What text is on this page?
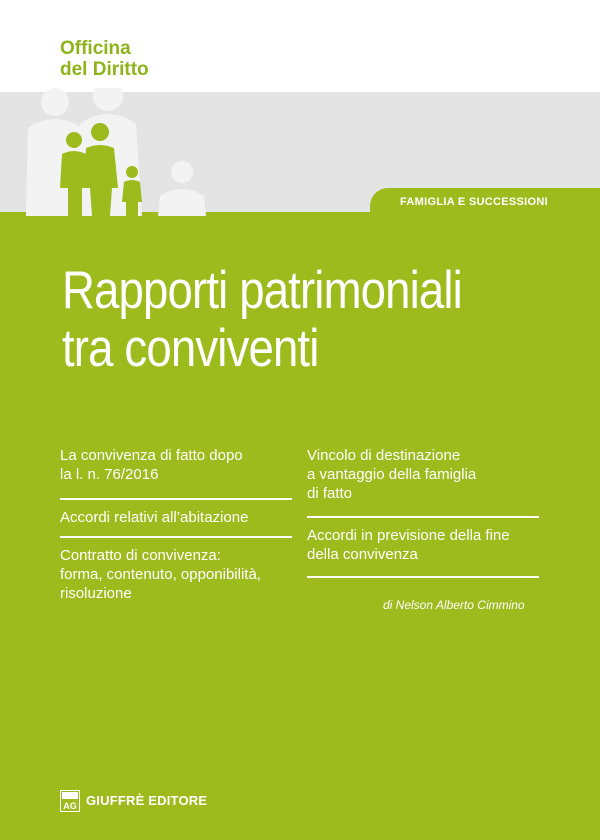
Officina
del Diritto
FAMIGLIA E SUCCESSIONI
Rapporti patrimoniali
tra conviventi
La convivenza di fatto dopo
la l. n. 76/2016
Accordi relativi all’abitazione
Contratto di convivenza:
forma, contenuto, opponibilità,
risoluzione
Vincolo di destinazione
a vantaggio della famiglia
di fatto
Accordi in previsione della fine
della convivenza
di Nelson Alberto Cimmino
AG GIUFFRÈ EDITORE
